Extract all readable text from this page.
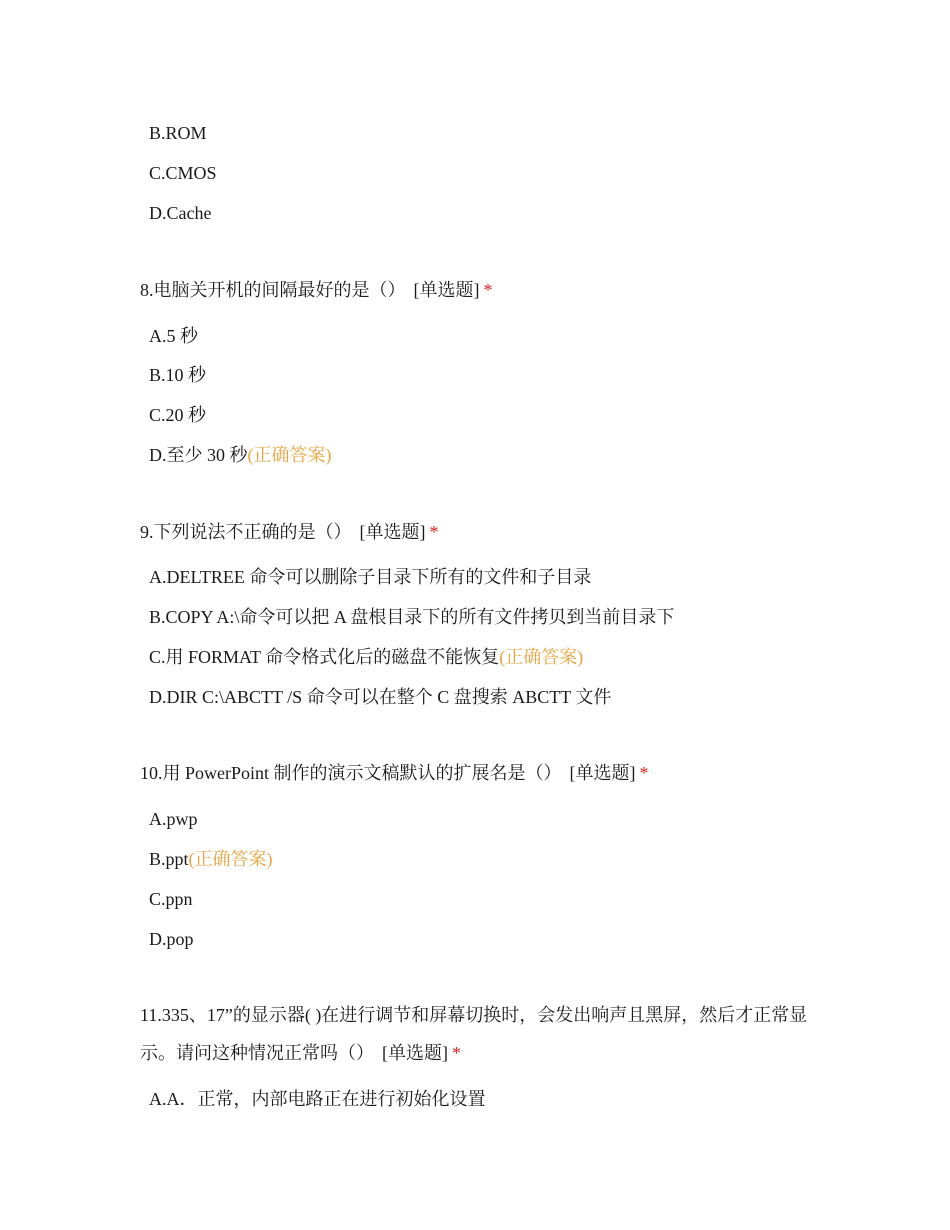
B.ROM
C.CMOS
D.Cache
8.电脑关开机的间隔最好的是（） [单选题] *
A.5 秒
B.10 秒
C.20 秒
D.至少 30 秒(正确答案)
9.下列说法不正确的是（） [单选题] *
A.DELTREE 命令可以删除子目录下所有的文件和子目录
B.COPY A:\命令可以把 A 盘根目录下的所有文件拷贝到当前目录下
C.用 FORMAT 命令格式化后的磁盘不能恢复(正确答案)
D.DIR C:\ABCTT /S 命令可以在整个 C 盘搜索 ABCTT 文件
10.用 PowerPoint 制作的演示文稿默认的扩展名是（） [单选题] *
A.pwp
B.ppt(正确答案)
C.ppn
D.pop
11.335、17”的显示器( )在进行调节和屏幕切换时，会发出响声且黑屏，然后才正常显示。请问这种情况正常吗（） [单选题] *
A.A．正常，内部电路正在进行初始化设置
